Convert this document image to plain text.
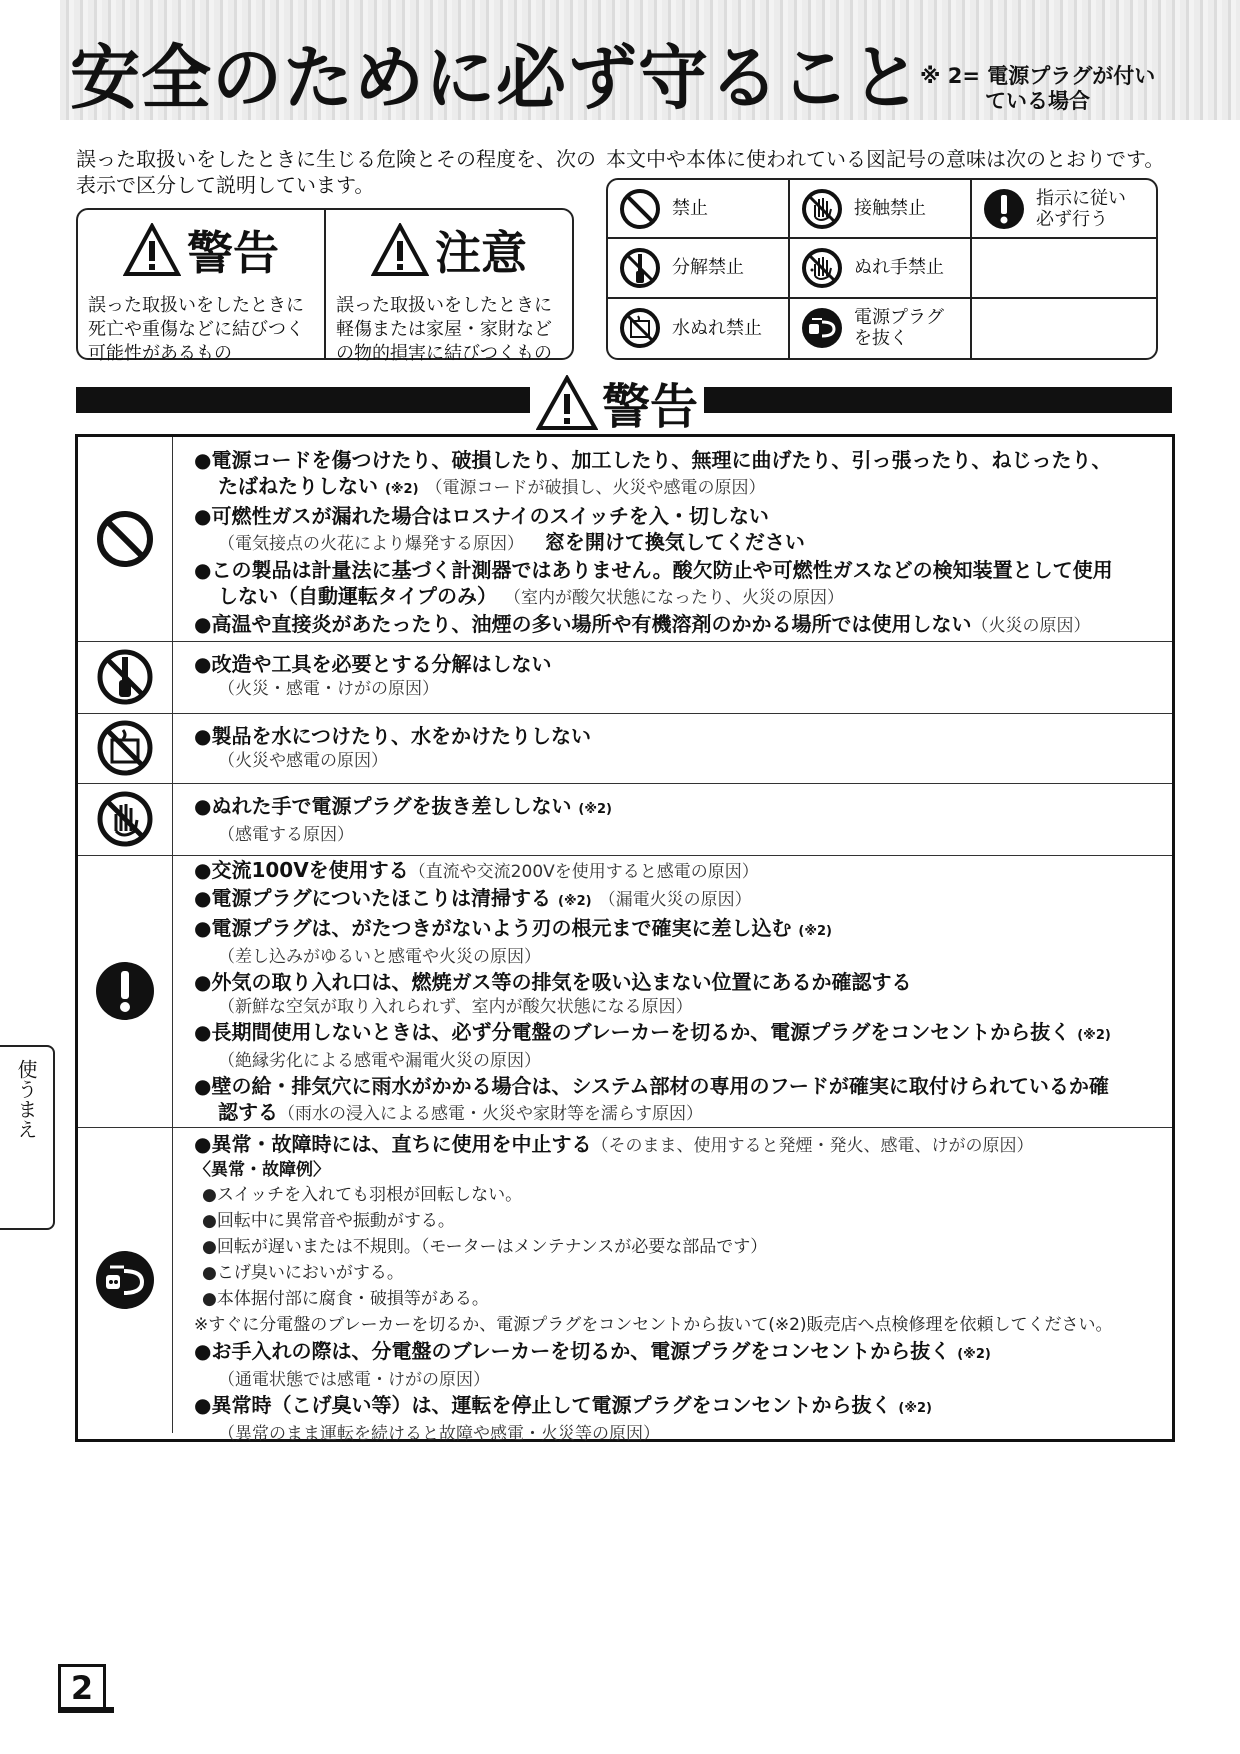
安全のために必ず守ること
※ 2= 電源プラグが付い
ている場合
誤った取扱いをしたときに生じる危険とその程度を、次の表示で区分して説明しています。
本文中や本体に使われている図記号の意味は次のとおりです。
警告
誤った取扱いをしたときに死亡や重傷などに結びつく可能性があるもの
注意
誤った取扱いをしたときに軽傷または家屋・家財などの物的損害に結びつくもの
禁止	接触禁止	指示に従い
必ず行う
分解禁止	ぬれ手禁止
水ぬれ禁止	電源プラグ
を抜く
警告
●電源コードを傷つけたり、破損したり、加工したり、無理に曲げたり、引っ張ったり、ねじったり、
たばねたりしない (※2) （電源コードが破損し、火災や感電の原因）
●可燃性ガスが漏れた場合はロスナイのスイッチを入・切しない
（電気接点の火花により爆発する原因） 窓を開けて換気してください
●この製品は計量法に基づく計測器ではありません。酸欠防止や可燃性ガスなどの検知装置として使用
しない（自動運転タイプのみ） （室内が酸欠状態になったり、火災の原因）
●高温や直接炎があたったり、油煙の多い場所や有機溶剤のかかる場所では使用しない（火災の原因）
●改造や工具を必要とする分解はしない
（火災・感電・けがの原因）
●製品を水につけたり、水をかけたりしない
（火災や感電の原因）
●ぬれた手で電源プラグを抜き差ししない (※2)
（感電する原因）
●交流100Vを使用する（直流や交流200Vを使用すると感電の原因）
●電源プラグについたほこりは清掃する (※2) （漏電火災の原因）
●電源プラグは、がたつきがないよう刃の根元まで確実に差し込む (※2)
（差し込みがゆるいと感電や火災の原因）
●外気の取り入れ口は、燃焼ガス等の排気を吸い込まない位置にあるか確認する
（新鮮な空気が取り入れられず、室内が酸欠状態になる原因）
●長期間使用しないときは、必ず分電盤のブレーカーを切るか、電源プラグをコンセントから抜く (※2)
（絶縁劣化による感電や漏電火災の原因）
●壁の給・排気穴に雨水がかかる場合は、システム部材の専用のフードが確実に取付けられているか確
認する（雨水の浸入による感電・火災や家財等を濡らす原因）
●異常・故障時には、直ちに使用を中止する（そのまま、使用すると発煙・発火、感電、けがの原因）
〈異常・故障例〉
●スイッチを入れても羽根が回転しない。
●回転中に異常音や振動がする。
●回転が遅いまたは不規則。（モーターはメンテナンスが必要な部品です）
●こげ臭いにおいがする。
●本体据付部に腐食・破損等がある。
※すぐに分電盤のブレーカーを切るか、電源プラグをコンセントから抜いて(※2)販売店へ点検修理を依頼してください。
●お手入れの際は、分電盤のブレーカーを切るか、電源プラグをコンセントから抜く (※2)
（通電状態では感電・けがの原因）
●異常時（こげ臭い等）は、運転を停止して電源プラグをコンセントから抜く (※2)
（異常のまま運転を続けると故障や感電・火災等の原因）
使うまえ
2
